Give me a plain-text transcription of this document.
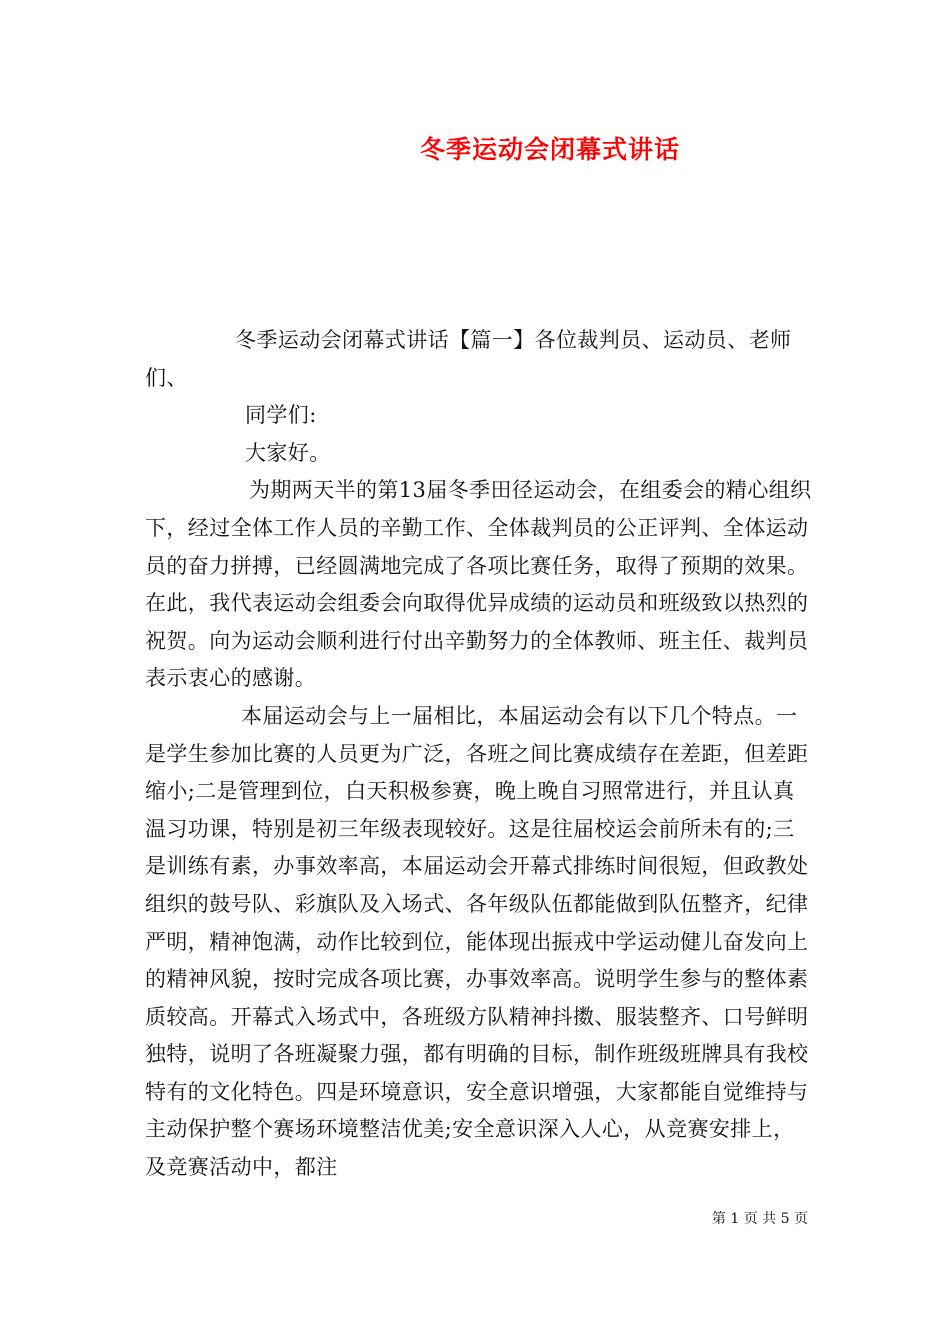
冬季运动会闭幕式讲话

冬季运动会闭幕式讲话【篇一】各位裁判员、运动员、老师们、

同学们:

大家好。

为期两天半的第13届冬季田径运动会，在组委会的精心组织下，经过全体工作人员的辛勤工作、全体裁判员的公正评判、全体运动员的奋力拼搏，已经圆满地完成了各项比赛任务，取得了预期的效果。在此，我代表运动会组委会向取得优异成绩的运动员和班级致以热烈的祝贺。向为运动会顺利进行付出辛勤努力的全体教师、班主任、裁判员表示衷心的感谢。

本届运动会与上一届相比，本届运动会有以下几个特点。一是学生参加比赛的人员更为广泛，各班之间比赛成绩存在差距，但差距缩小;二是管理到位，白天积极参赛，晚上晚自习照常进行，并且认真温习功课，特别是初三年级表现较好。这是往届校运会前所未有的;三是训练有素，办事效率高，本届运动会开幕式排练时间很短，但政教处组织的鼓号队、彩旗队及入场式、各年级队伍都能做到队伍整齐，纪律严明，精神饱满，动作比较到位，能体现出振戎中学运动健儿奋发向上的精神风貌，按时完成各项比赛，办事效率高。说明学生参与的整体素质较高。开幕式入场式中，各班级方队精神抖擞、服装整齐、口号鲜明独特，说明了各班凝聚力强，都有明确的目标，制作班级班牌具有我校特有的文化特色。四是环境意识，安全意识增强，大家都能自觉维持与主动保护整个赛场环境整洁优美;安全意识深入人心，从竞赛安排上，及竞赛活动中，都注

第 1 页 共 5 页
